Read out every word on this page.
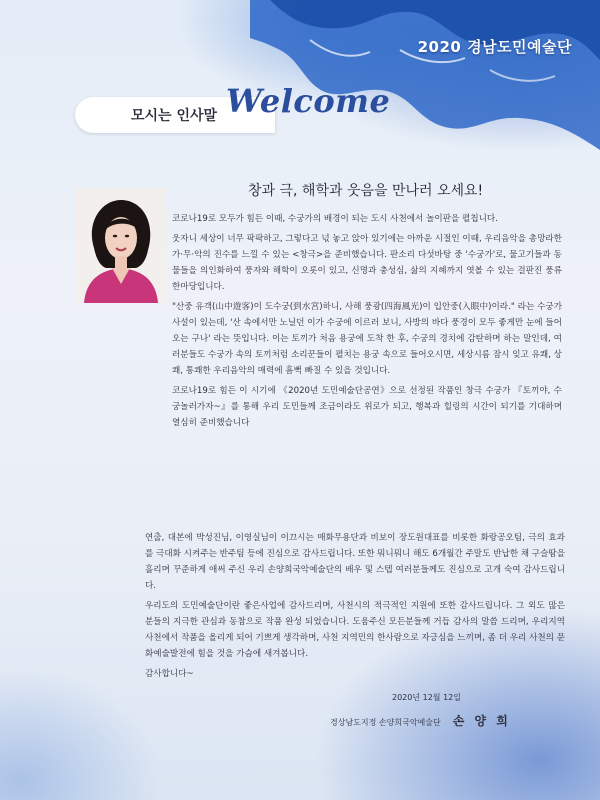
2020 경남도민예술단
모시는 인사말 Welcome
창과 극, 해학과 웃음을 만나러 오세요!

코로나19로 모두가 힘든 이때, 수궁가의 배경이 되는 도시 사천에서 놀이판을 펼칩니다.

웃자니 세상이 너무 팍팍하고, 그렇다고 넋 놓고 앉아 있기에는 아까운 시절인 이때, 우리음악을 총망라한 가·무·악의 진수를 느낄 수 있는 <창극>을 준비했습니다. 판소리 다섯바탕 중 '수궁가'로, 물고기들과 동물들을 의인화하여 풍자와 해학이 오롯이 있고, 신명과 충성심, 삶의 지혜까지 엿볼 수 있는 걸판진 풍류한마당입니다.

"산중 유객(山中遊客)이 도수궁(到水宮)하니, 사해 풍광(四海風光)이 입안중(入眼中)이라." 라는 수궁가 사설이 있는데, '산 속에서만 노닐던 이가 수궁에 이르러 보니, 사방의 바다 풍경이 모두 좋게만 눈에 들어오는 구나' 라는 뜻입니다. 이는 토끼가 처음 용궁에 도착 한 후, 수궁의 경치에 감탄하며 하는 말인데, 여러분들도 수궁가 속의 토끼처럼 소리꾼들이 펼치는 용궁 속으로 들어오시면, 세상시름 잠시 잊고 유쾌, 상쾌, 통쾌한 우리음악의 매력에 흠뻑 빠질 수 있을 것입니다.

코로나19로 힘든 이 시기에 《2020년 도민예술단공연》으로 선정된 작품인 창극 수궁가 『토끼야, 수궁놀러가자~』를 통해 우리 도민들께 조금이라도 위로가 되고, 행복과 힐링의 시간이 되기를 기대하며 열심히 준비했습니다

연출, 대본에 박성진님, 이영실님이 이끄시는 매화무용단과 비보이 장도원대표를 비롯한 화랑공오팀, 극의 효과를 극대화 시켜주는 반주팀 등에 진심으로 감사드립니다. 또한 뭐니뭐니 해도 6개월간 주말도 반납한 채 구슬땀을 흘리며 꾸준하게 애써 주신 우리 손양희국악예술단의 배우 및 스텝 여러분들께도 진심으로 고개 숙여 감사드립니다.

우리도의 도민예술단이란 좋은사업에 감사드리며, 사천시의 적극적인 지원에 또한 감사드립니다. 그 외도 많은 분들의 지극한 관심과 동참으로 작품 완성 되었습니다. 도움주신 모든분들께 거듭 감사의 말씀 드리며, 우리지역 사천에서 작품을 올리게 되어 기쁘게 생각하며, 사천 지역민의 한사람으로 자긍심을 느끼며, 좀 더 우리 사천의 문화예술발전에 힘을 것을 가슴에 새겨봅니다.

감사합니다~

2020년 12월 12일
경상남도지정 손양희국악예술단 손 양 희
